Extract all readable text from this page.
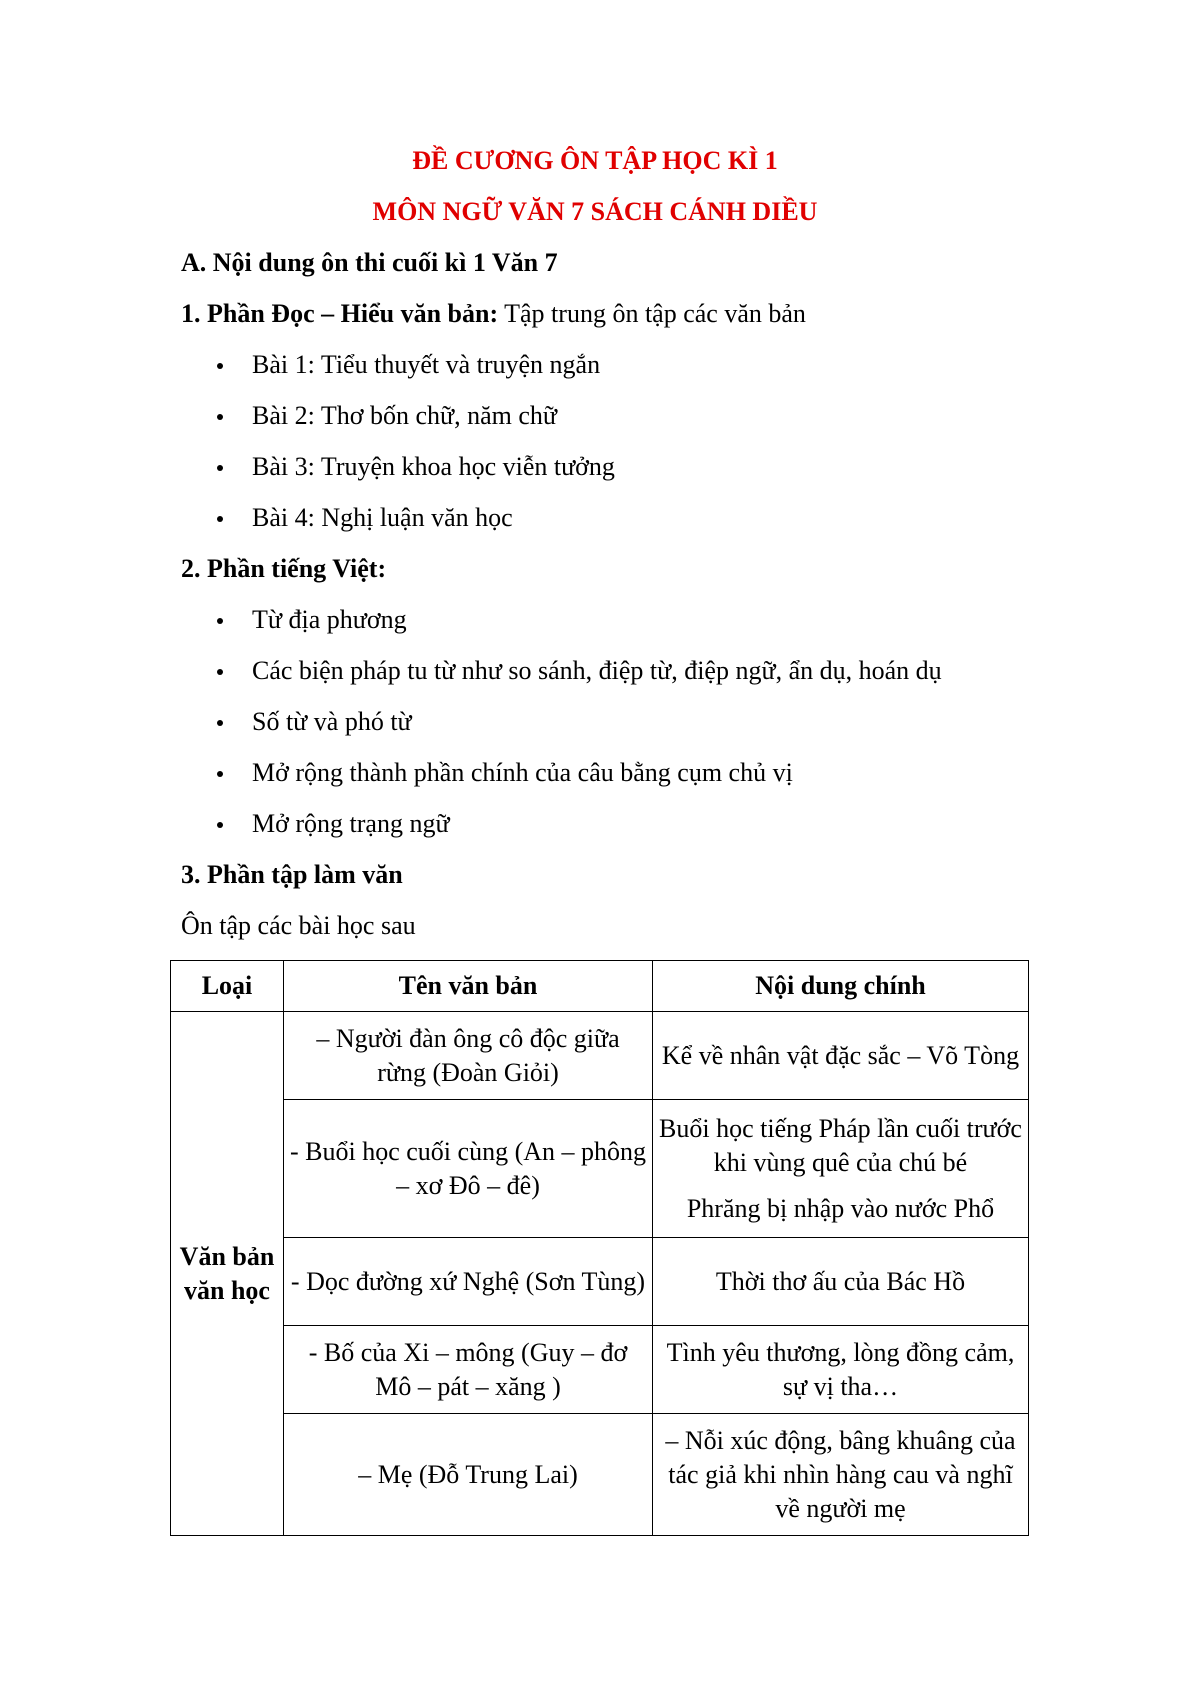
ĐỀ CƯƠNG ÔN TẬP HỌC KÌ 1
MÔN NGỮ VĂN 7 SÁCH CÁNH DIỀU
A. Nội dung ôn thi cuối kì 1 Văn 7
1. Phần Đọc – Hiểu văn bản: Tập trung ôn tập các văn bản
Bài 1: Tiểu thuyết và truyện ngắn
Bài 2: Thơ bốn chữ, năm chữ
Bài 3: Truyện khoa học viễn tưởng
Bài 4: Nghị luận văn học
2. Phần tiếng Việt:
Từ địa phương
Các biện pháp tu từ như so sánh, điệp từ, điệp ngữ, ẩn dụ, hoán dụ
Số từ và phó từ
Mở rộng thành phần chính của câu bằng cụm chủ vị
Mở rộng trạng ngữ
3. Phần tập làm văn
Ôn tập các bài học sau
Loại	Tên văn bản	Nội dung chính
Văn bản văn học	– Người đàn ông cô độc giữa rừng (Đoàn Giỏi)	Kể về nhân vật đặc sắc – Võ Tòng
	- Buổi học cuối cùng (An – phông – xơ Đô – đê)	Buổi học tiếng Pháp lần cuối trước khi vùng quê của chú bé
Phrăng bị nhập vào nước Phổ

	- Dọc đường xứ Nghệ (Sơn Tùng)	Thời thơ ấu của Bác Hồ
	- Bố của Xi – mông (Guy – đơ Mô – pát – xăng )	Tình yêu thương, lòng đồng cảm, sự vị tha…
	– Mẹ (Đỗ Trung Lai)	– Nỗi xúc động, bâng khuâng của tác giả khi nhìn hàng cau và nghĩ về người mẹ
